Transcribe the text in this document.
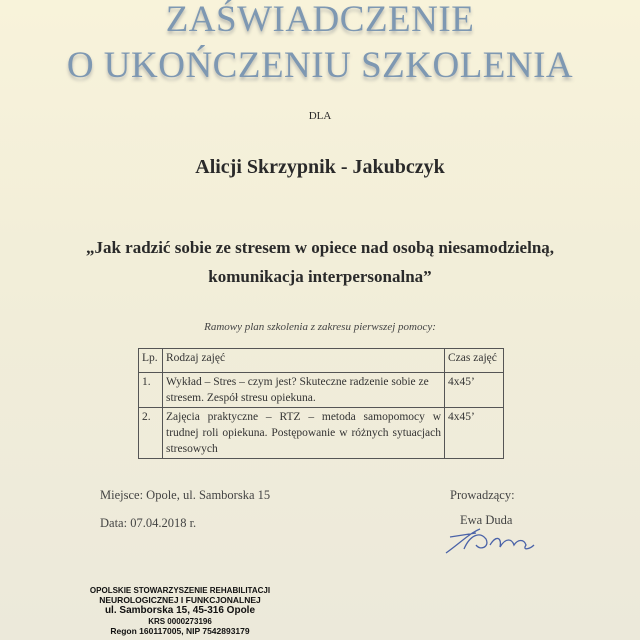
ZAŚWIADCZENIE
O UKOŃCZENIU SZKOLENIA
DLA
Alicji Skrzypnik - Jakubczyk
„Jak radzić sobie ze stresem w opiece nad osobą niesamodzielną,
komunikacja interpersonalna”
Ramowy plan szkolenia z zakresu pierwszej pomocy:
Lp.	Rodzaj zajęć	Czas zajęć
1.	Wykład – Stres – czym jest? Skuteczne radzenie sobie ze stresem. Zespół stresu opiekuna.	4x45’
2.	Zajęcia praktyczne – RTZ – metoda samopomocy w trudnej roli opiekuna. Postępowanie w różnych sytuacjach stresowych	4x45’
Miejsce: Opole, ul. Samborska 15
Data: 07.04.2018 r.
Prowadzący:
Ewa Duda
OPOLSKIE STOWARZYSZENIE REHABILITACJI
NEUROLOGICZNEJ I FUNKCJONALNEJ
ul. Samborska 15, 45-316 Opole
KRS 0000273196
Regon 160117005, NIP 7542893179
